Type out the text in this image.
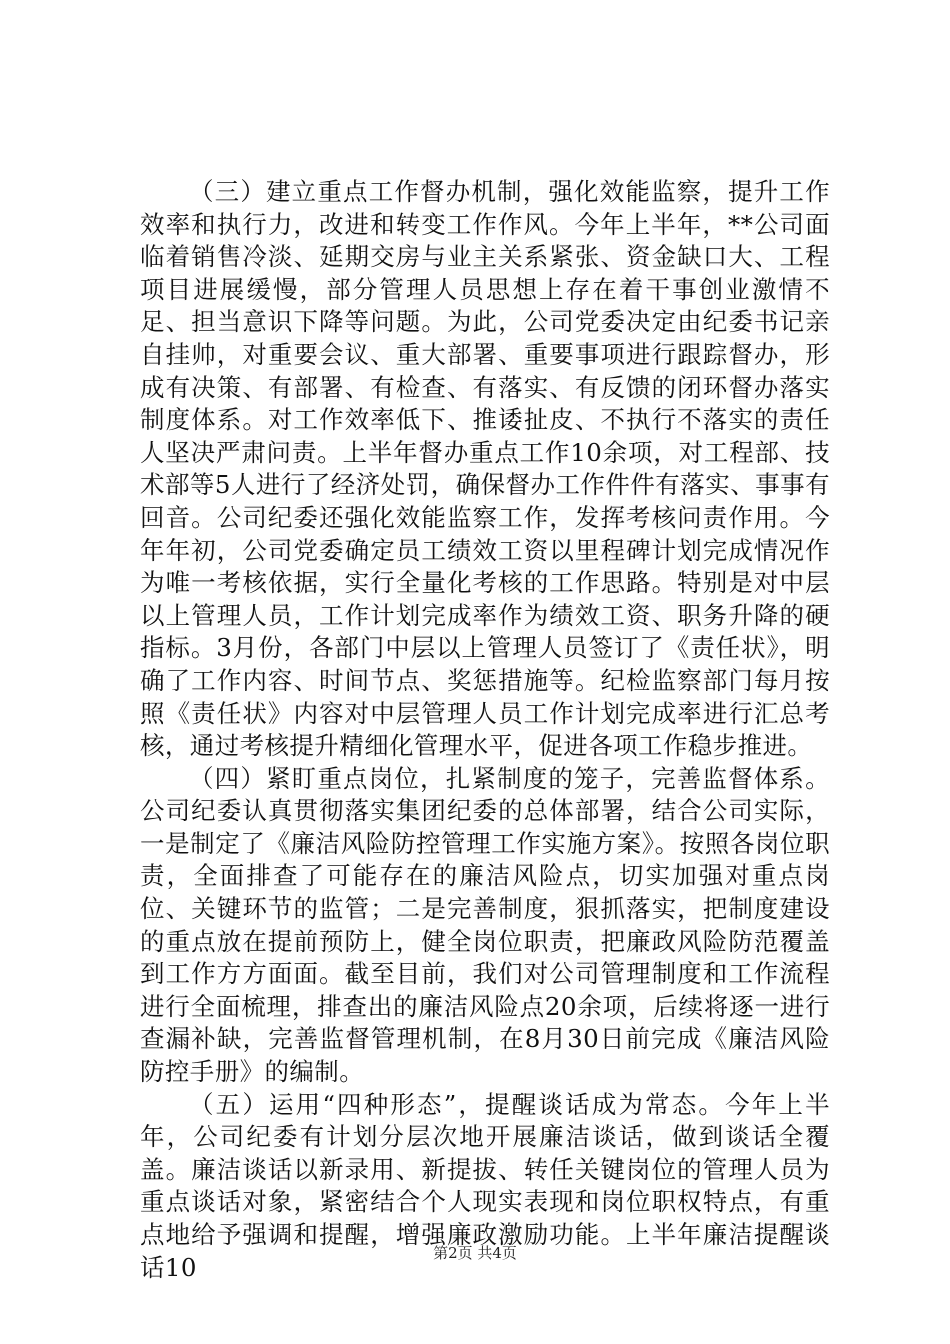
（三）建立重点工作督办机制，强化效能监察，提升工作效率和执行力，改进和转变工作作风。今年上半年，**公司面临着销售冷淡、延期交房与业主关系紧张、资金缺口大、工程项目进展缓慢，部分管理人员思想上存在着干事创业激情不足、担当意识下降等问题。为此，公司党委决定由纪委书记亲自挂帅，对重要会议、重大部署、重要事项进行跟踪督办，形成有决策、有部署、有检查、有落实、有反馈的闭环督办落实制度体系。对工作效率低下、推诿扯皮、不执行不落实的责任人坚决严肃问责。上半年督办重点工作10余项，对工程部、技术部等5人进行了经济处罚，确保督办工作件件有落实、事事有回音。公司纪委还强化效能监察工作，发挥考核问责作用。今年年初，公司党委确定员工绩效工资以里程碑计划完成情况作为唯一考核依据，实行全量化考核的工作思路。特别是对中层以上管理人员，工作计划完成率作为绩效工资、职务升降的硬指标。3月份，各部门中层以上管理人员签订了《责任状》，明确了工作内容、时间节点、奖惩措施等。纪检监察部门每月按照《责任状》内容对中层管理人员工作计划完成率进行汇总考核，通过考核提升精细化管理水平，促进各项工作稳步推进。

（四）紧盯重点岗位，扎紧制度的笼子，完善监督体系。公司纪委认真贯彻落实集团纪委的总体部署，结合公司实际，一是制定了《廉洁风险防控管理工作实施方案》。按照各岗位职责，全面排查了可能存在的廉洁风险点，切实加强对重点岗位、关键环节的监管；二是完善制度，狠抓落实，把制度建设的重点放在提前预防上，健全岗位职责，把廉政风险防范覆盖到工作方方面面。截至目前，我们对公司管理制度和工作流程进行全面梳理，排查出的廉洁风险点20余项，后续将逐一进行查漏补缺，完善监督管理机制，在8月30日前完成《廉洁风险防控手册》的编制。

（五）运用“四种形态”，提醒谈话成为常态。今年上半年，公司纪委有计划分层次地开展廉洁谈话，做到谈话全覆盖。廉洁谈话以新录用、新提拔、转任关键岗位的管理人员为重点谈话对象，紧密结合个人现实表现和岗位职权特点，有重点地给予强调和提醒，增强廉政激励功能。上半年廉洁提醒谈话10	第2页 共4页
